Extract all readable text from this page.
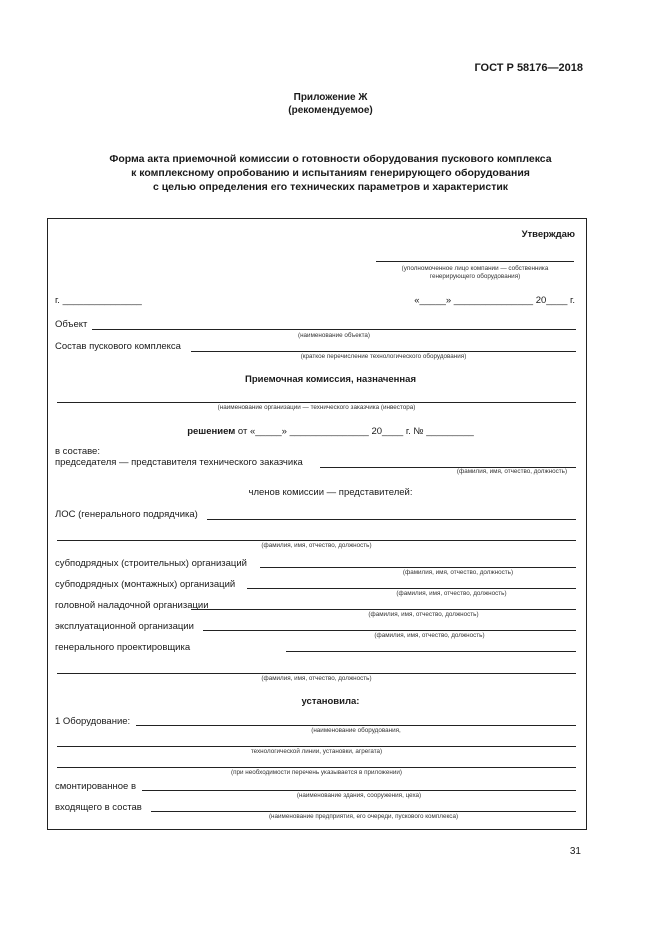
ГОСТ Р 58176—2018
Приложение Ж
(рекомендуемое)
Форма акта приемочной комиссии о готовности оборудования пускового комплекса
к комплексному опробованию и испытаниям генерирующего оборудования
с целью определения его технических параметров и характеристик
Утверждаю
(уполномоченное лицо компании — собственника
генерирующего оборудования)
г. _______________	«_____» _______________ 20____ г.
Объект
(наименование объекта)
Состав пускового комплекса
(краткое перечисление технологического оборудования)
Приемочная комиссия, назначенная
(наименование организации — технического заказчика (инвестора)
решением от «_____» _______________ 20____ г. № _________
в составе:
председателя — представителя технического заказчика
(фамилия, имя, отчество, должность)
членов комиссии — представителей:
ЛОС (генерального подрядчика)
(фамилия, имя, отчество, должность)
субподрядных (строительных) организаций
(фамилия, имя, отчество, должность)
субподрядных (монтажных) организаций
(фамилия, имя, отчество, должность)
головной наладочной организации
(фамилия, имя, отчество, должность)
эксплуатационной организации
(фамилия, имя, отчество, должность)
генерального проектировщика
(фамилия, имя, отчество, должность)
установила:
1 Оборудование:
(наименование оборудования,
технологической линии, установки, агрегата)
(при необходимости перечень указывается в приложении)
смонтированное в
(наименование здания, сооружения, цеха)
входящего в состав
(наименование предприятия, его очереди, пускового комплекса)
31
